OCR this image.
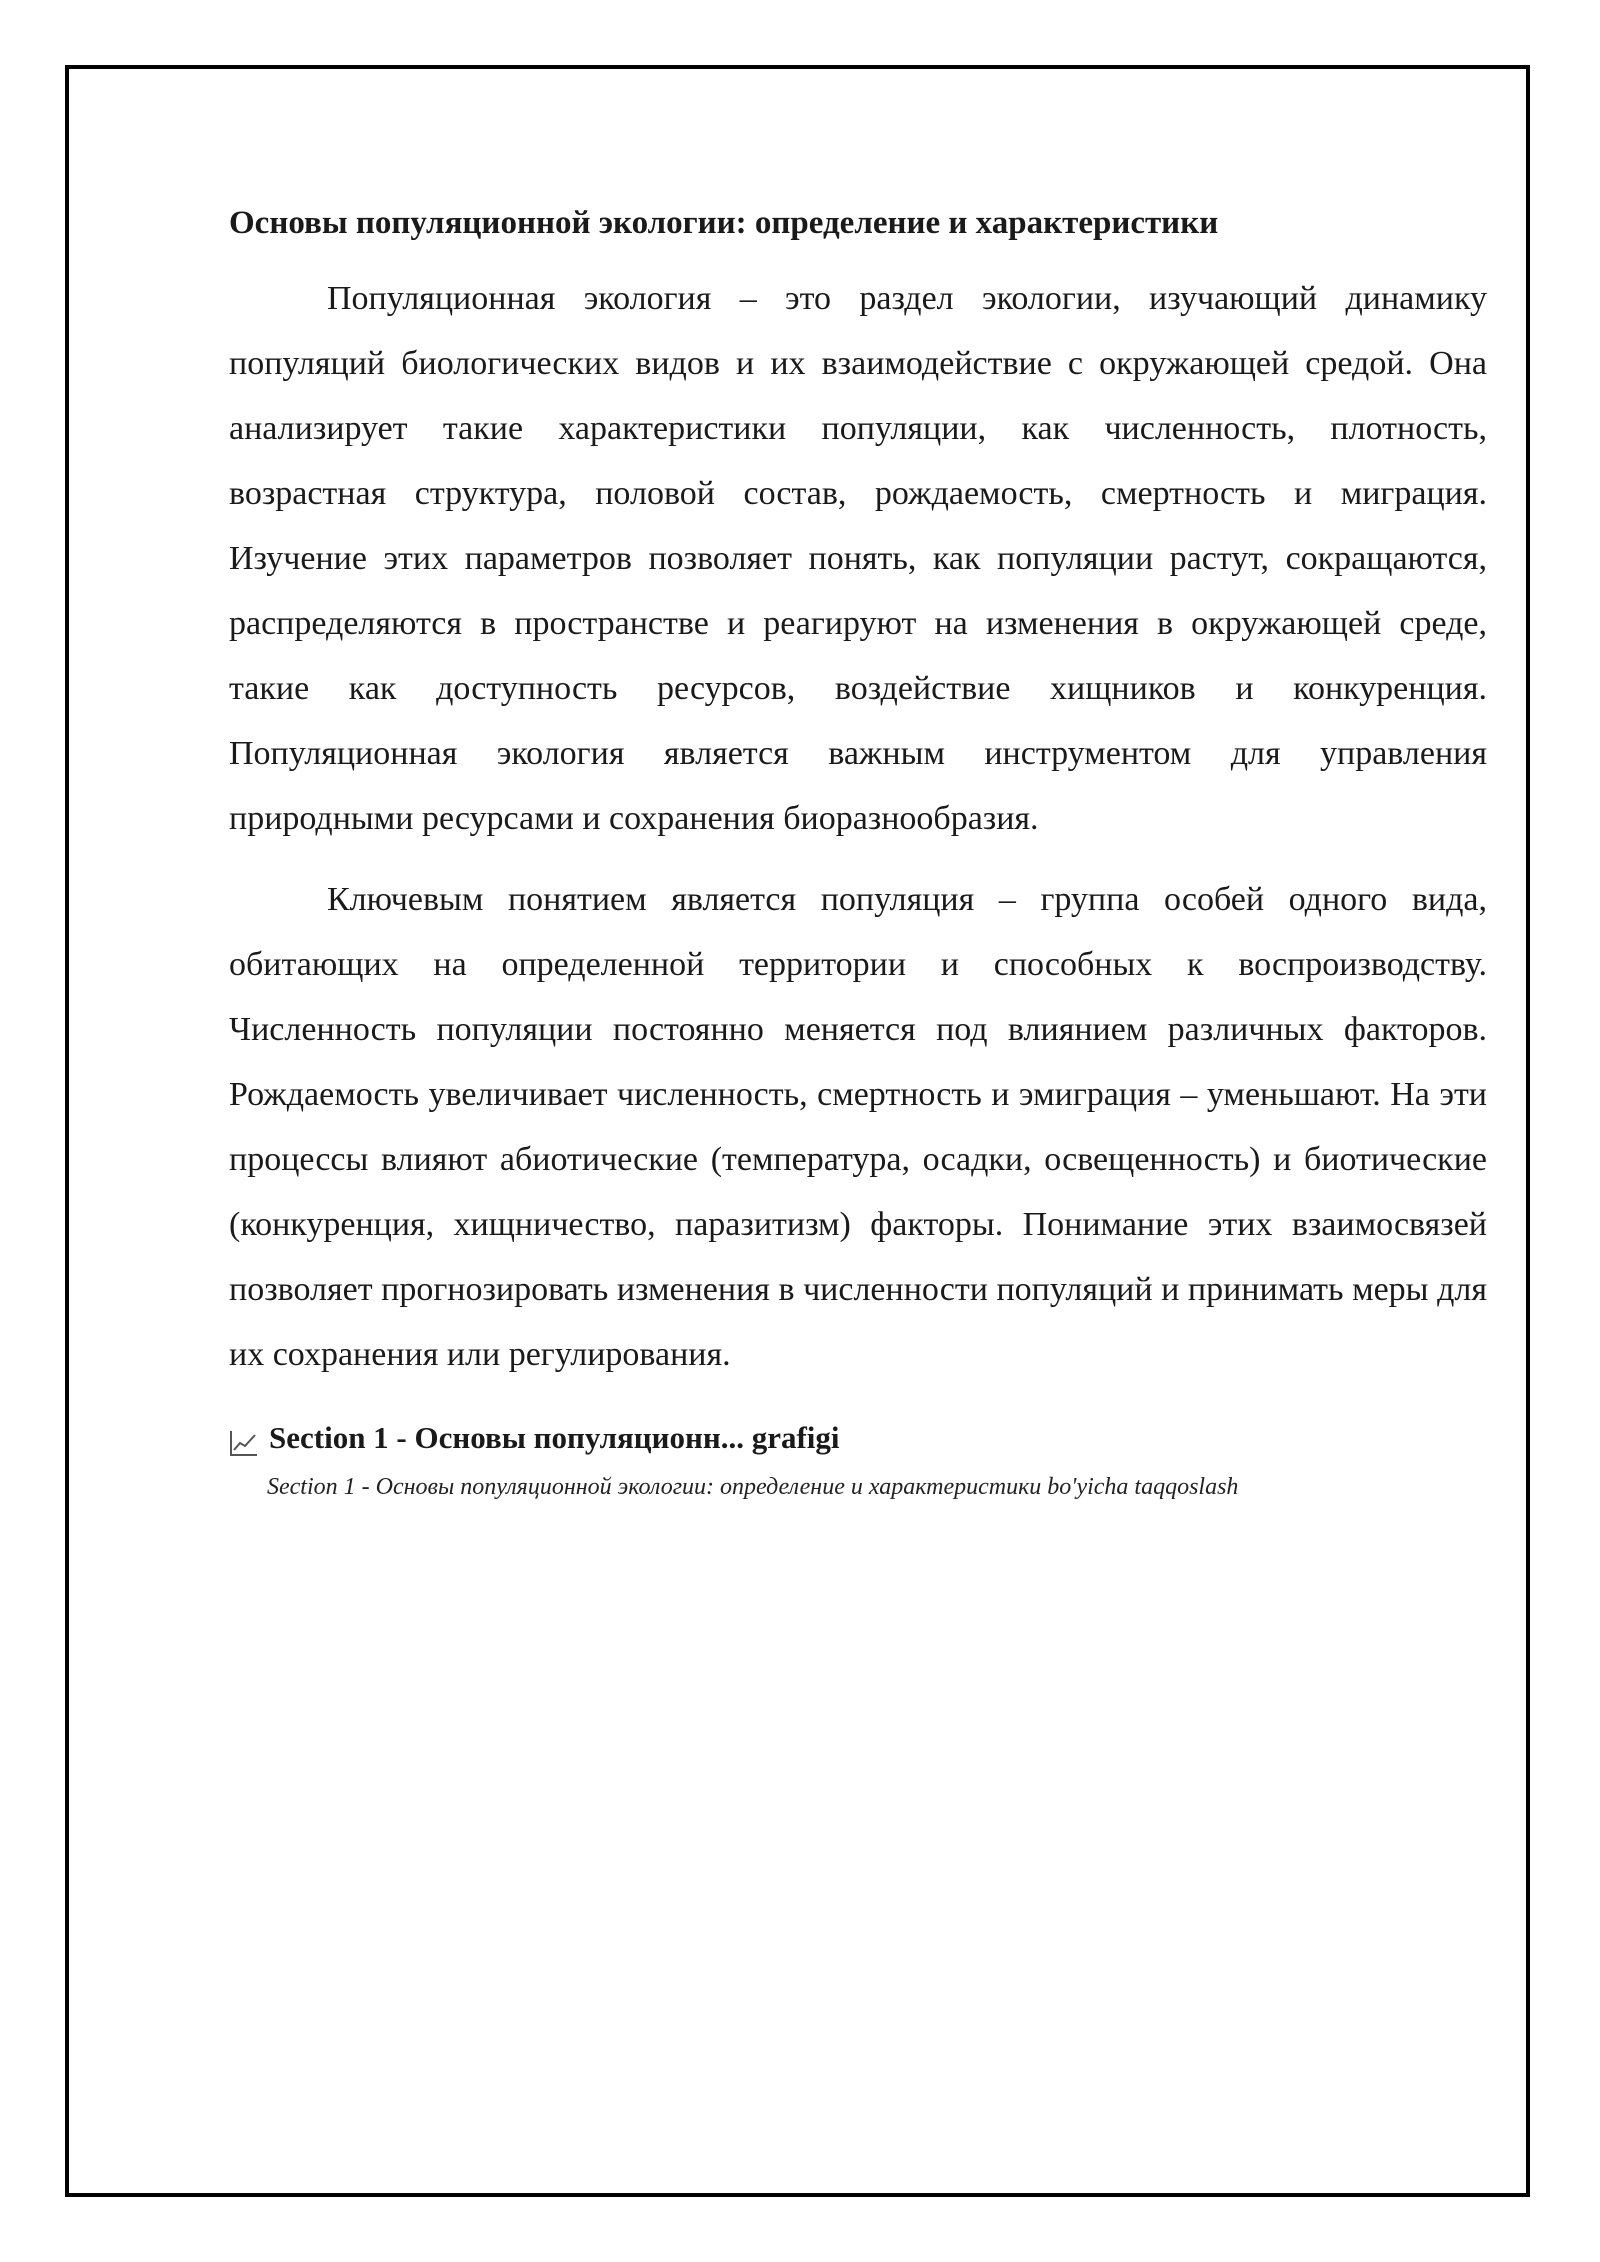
Основы популяционной экологии: определение и характеристики

Популяционная экология – это раздел экологии, изучающий динамику популяций биологических видов и их взаимодействие с окружающей средой. Она анализирует такие характеристики популяции, как численность, плотность, возрастная структура, половой состав, рождаемость, смертность и миграция. Изучение этих параметров позволяет понять, как популяции растут, сокращаются, распределяются в пространстве и реагируют на изменения в окружающей среде, такие как доступность ресурсов, воздействие хищников и конкуренция. Популяционная экология является важным инструментом для управления природными ресурсами и сохранения биоразнообразия.

Ключевым понятием является популяция – группа особей одного вида, обитающих на определенной территории и способных к воспроизводству. Численность популяции постоянно меняется под влиянием различных факторов. Рождаемость увеличивает численность, смертность и эмиграция – уменьшают. На эти процессы влияют абиотические (температура, осадки, освещенность) и биотические (конкуренция, хищничество, паразитизм) факторы. Понимание этих взаимосвязей позволяет прогнозировать изменения в численности популяций и принимать меры для их сохранения или регулирования.

Section 1 - Основы популяционн... grafigi
Section 1 - Основы популяционной экологии: определение и характеристики bo'yicha taqqoslash
